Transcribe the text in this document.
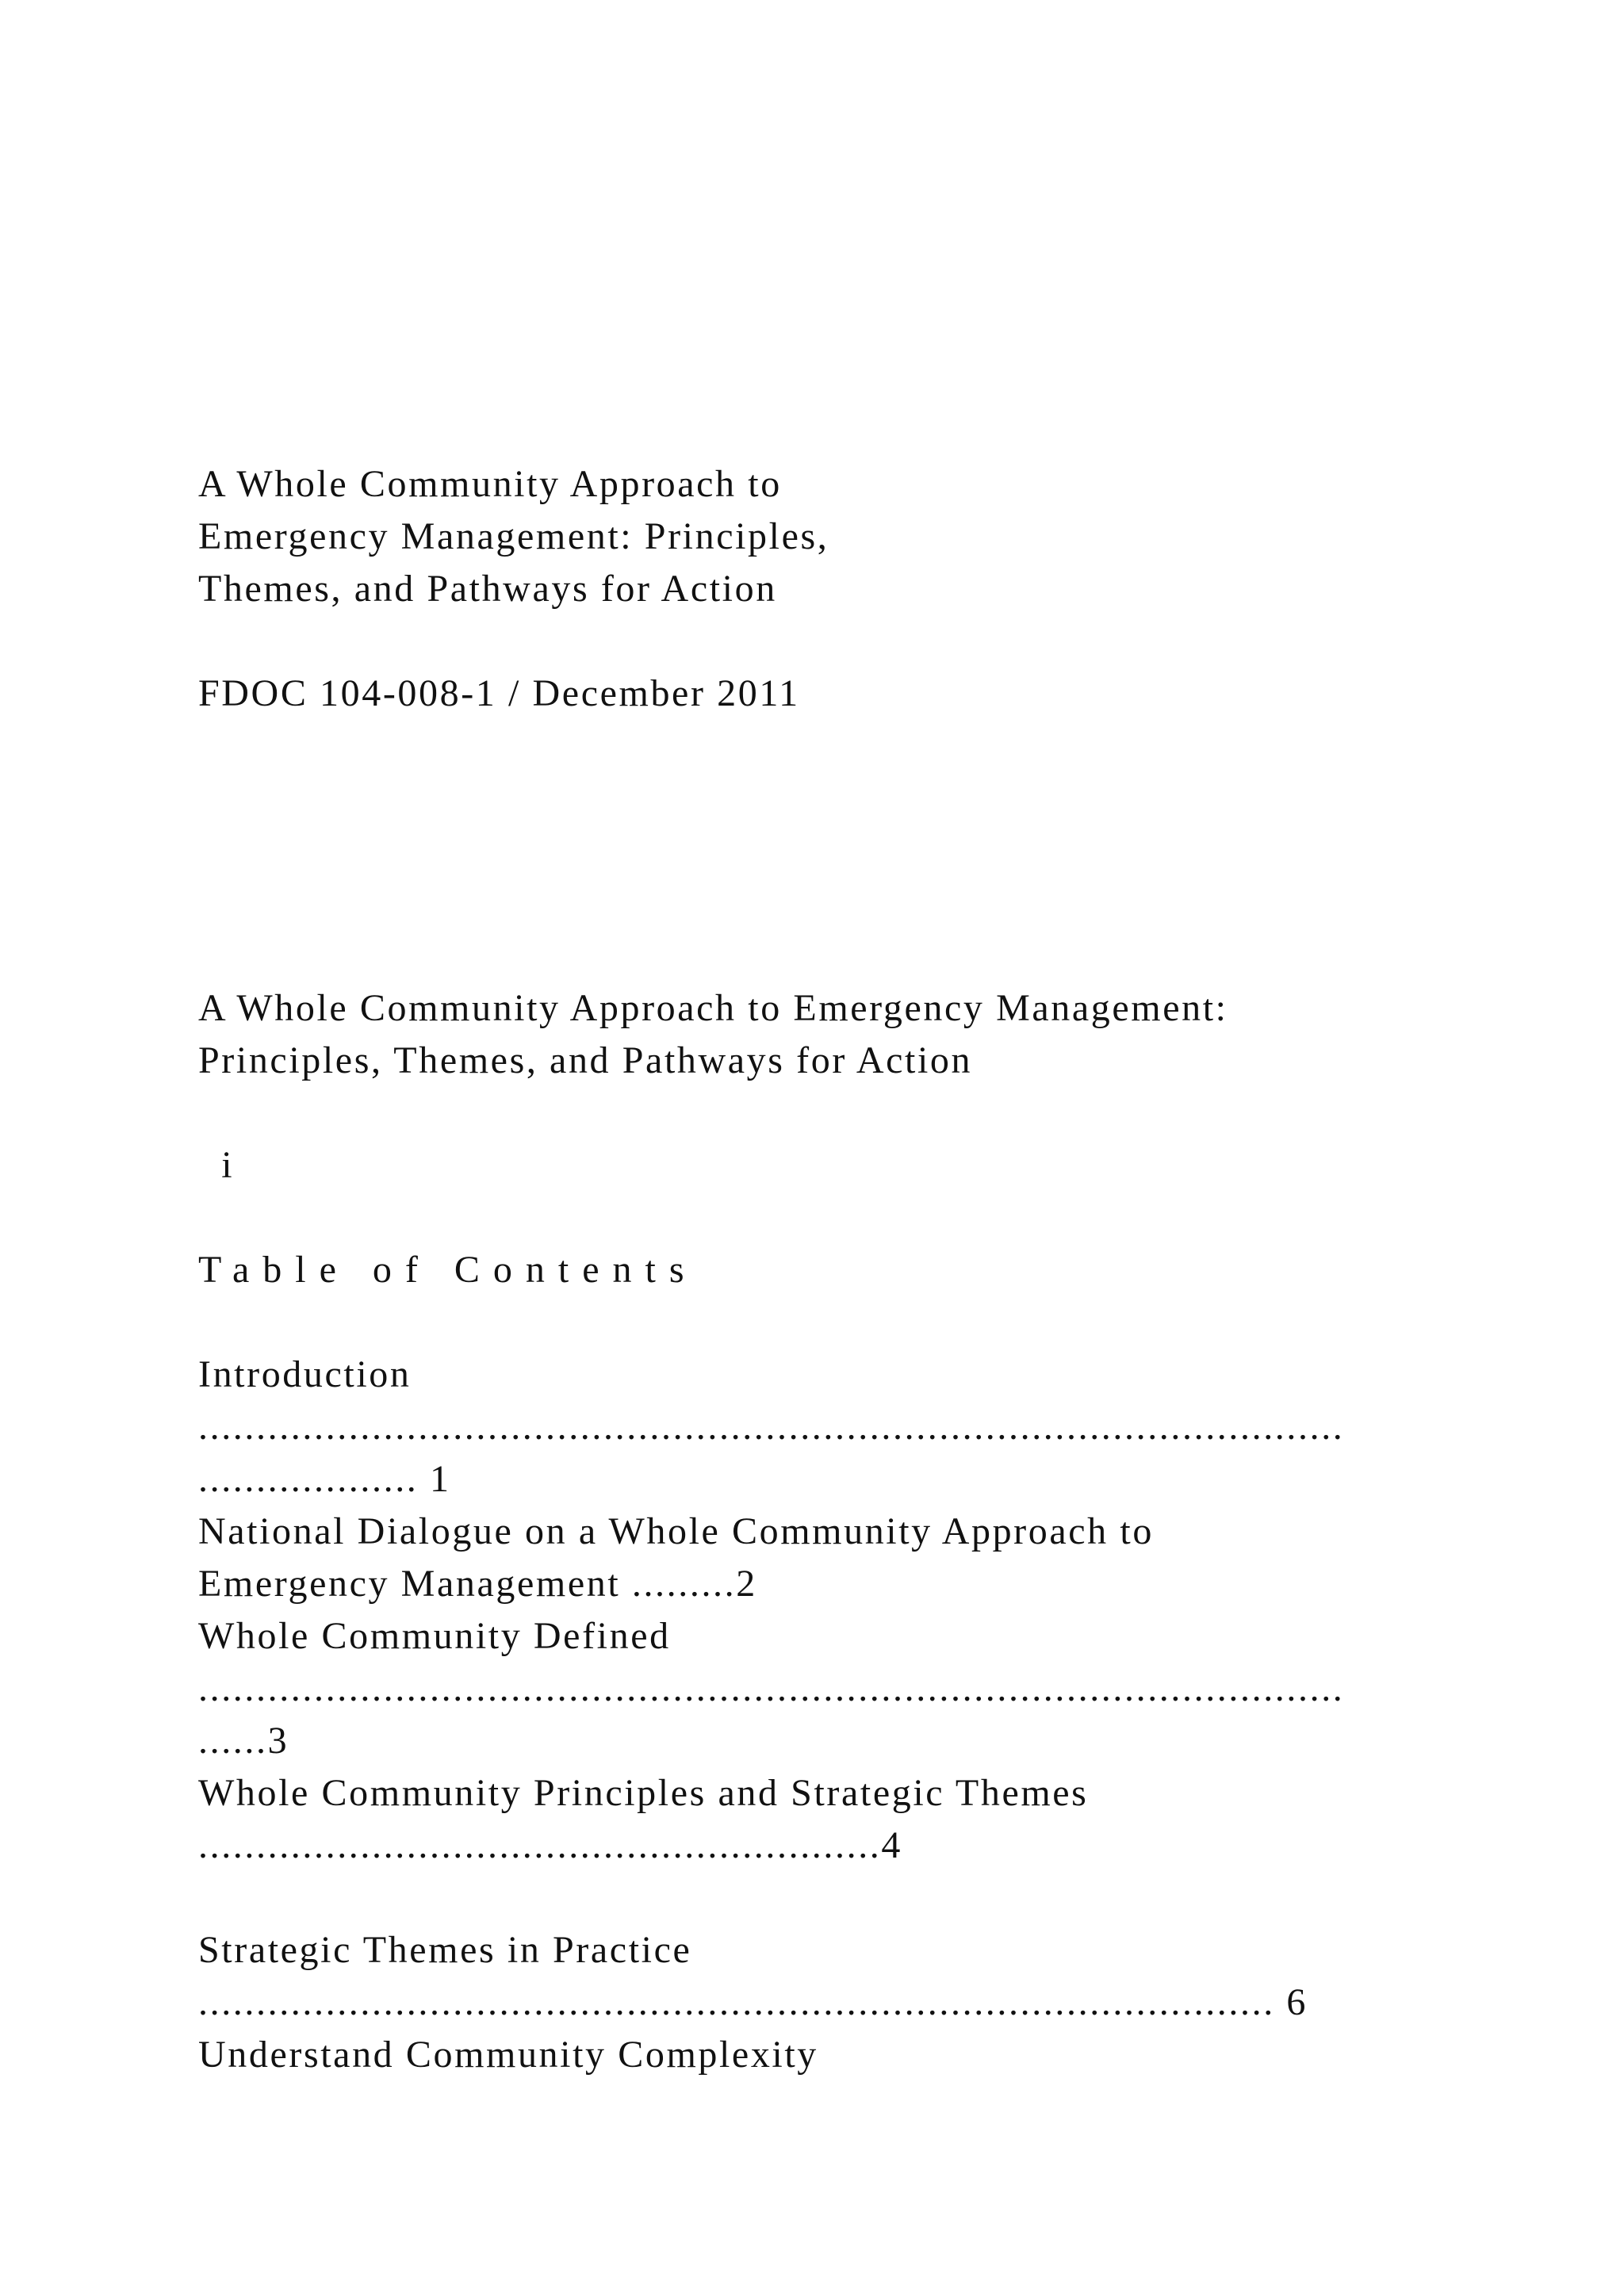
A Whole Community Approach to
Emergency Management: Principles,
Themes, and Pathways for Action
FDOC 104-008-1 / December 2011
A Whole Community Approach to Emergency Management:
Principles, Themes, and Pathways for Action
i
Table of Contents
Introduction
...................................................................................................
................... 1
National Dialogue on a Whole Community Approach to
Emergency Management .........2
Whole Community Defined
...................................................................................................
......3
Whole Community Principles and Strategic Themes
...........................................................4
Strategic Themes in Practice
............................................................................................. 6
Understand Community Complexity
